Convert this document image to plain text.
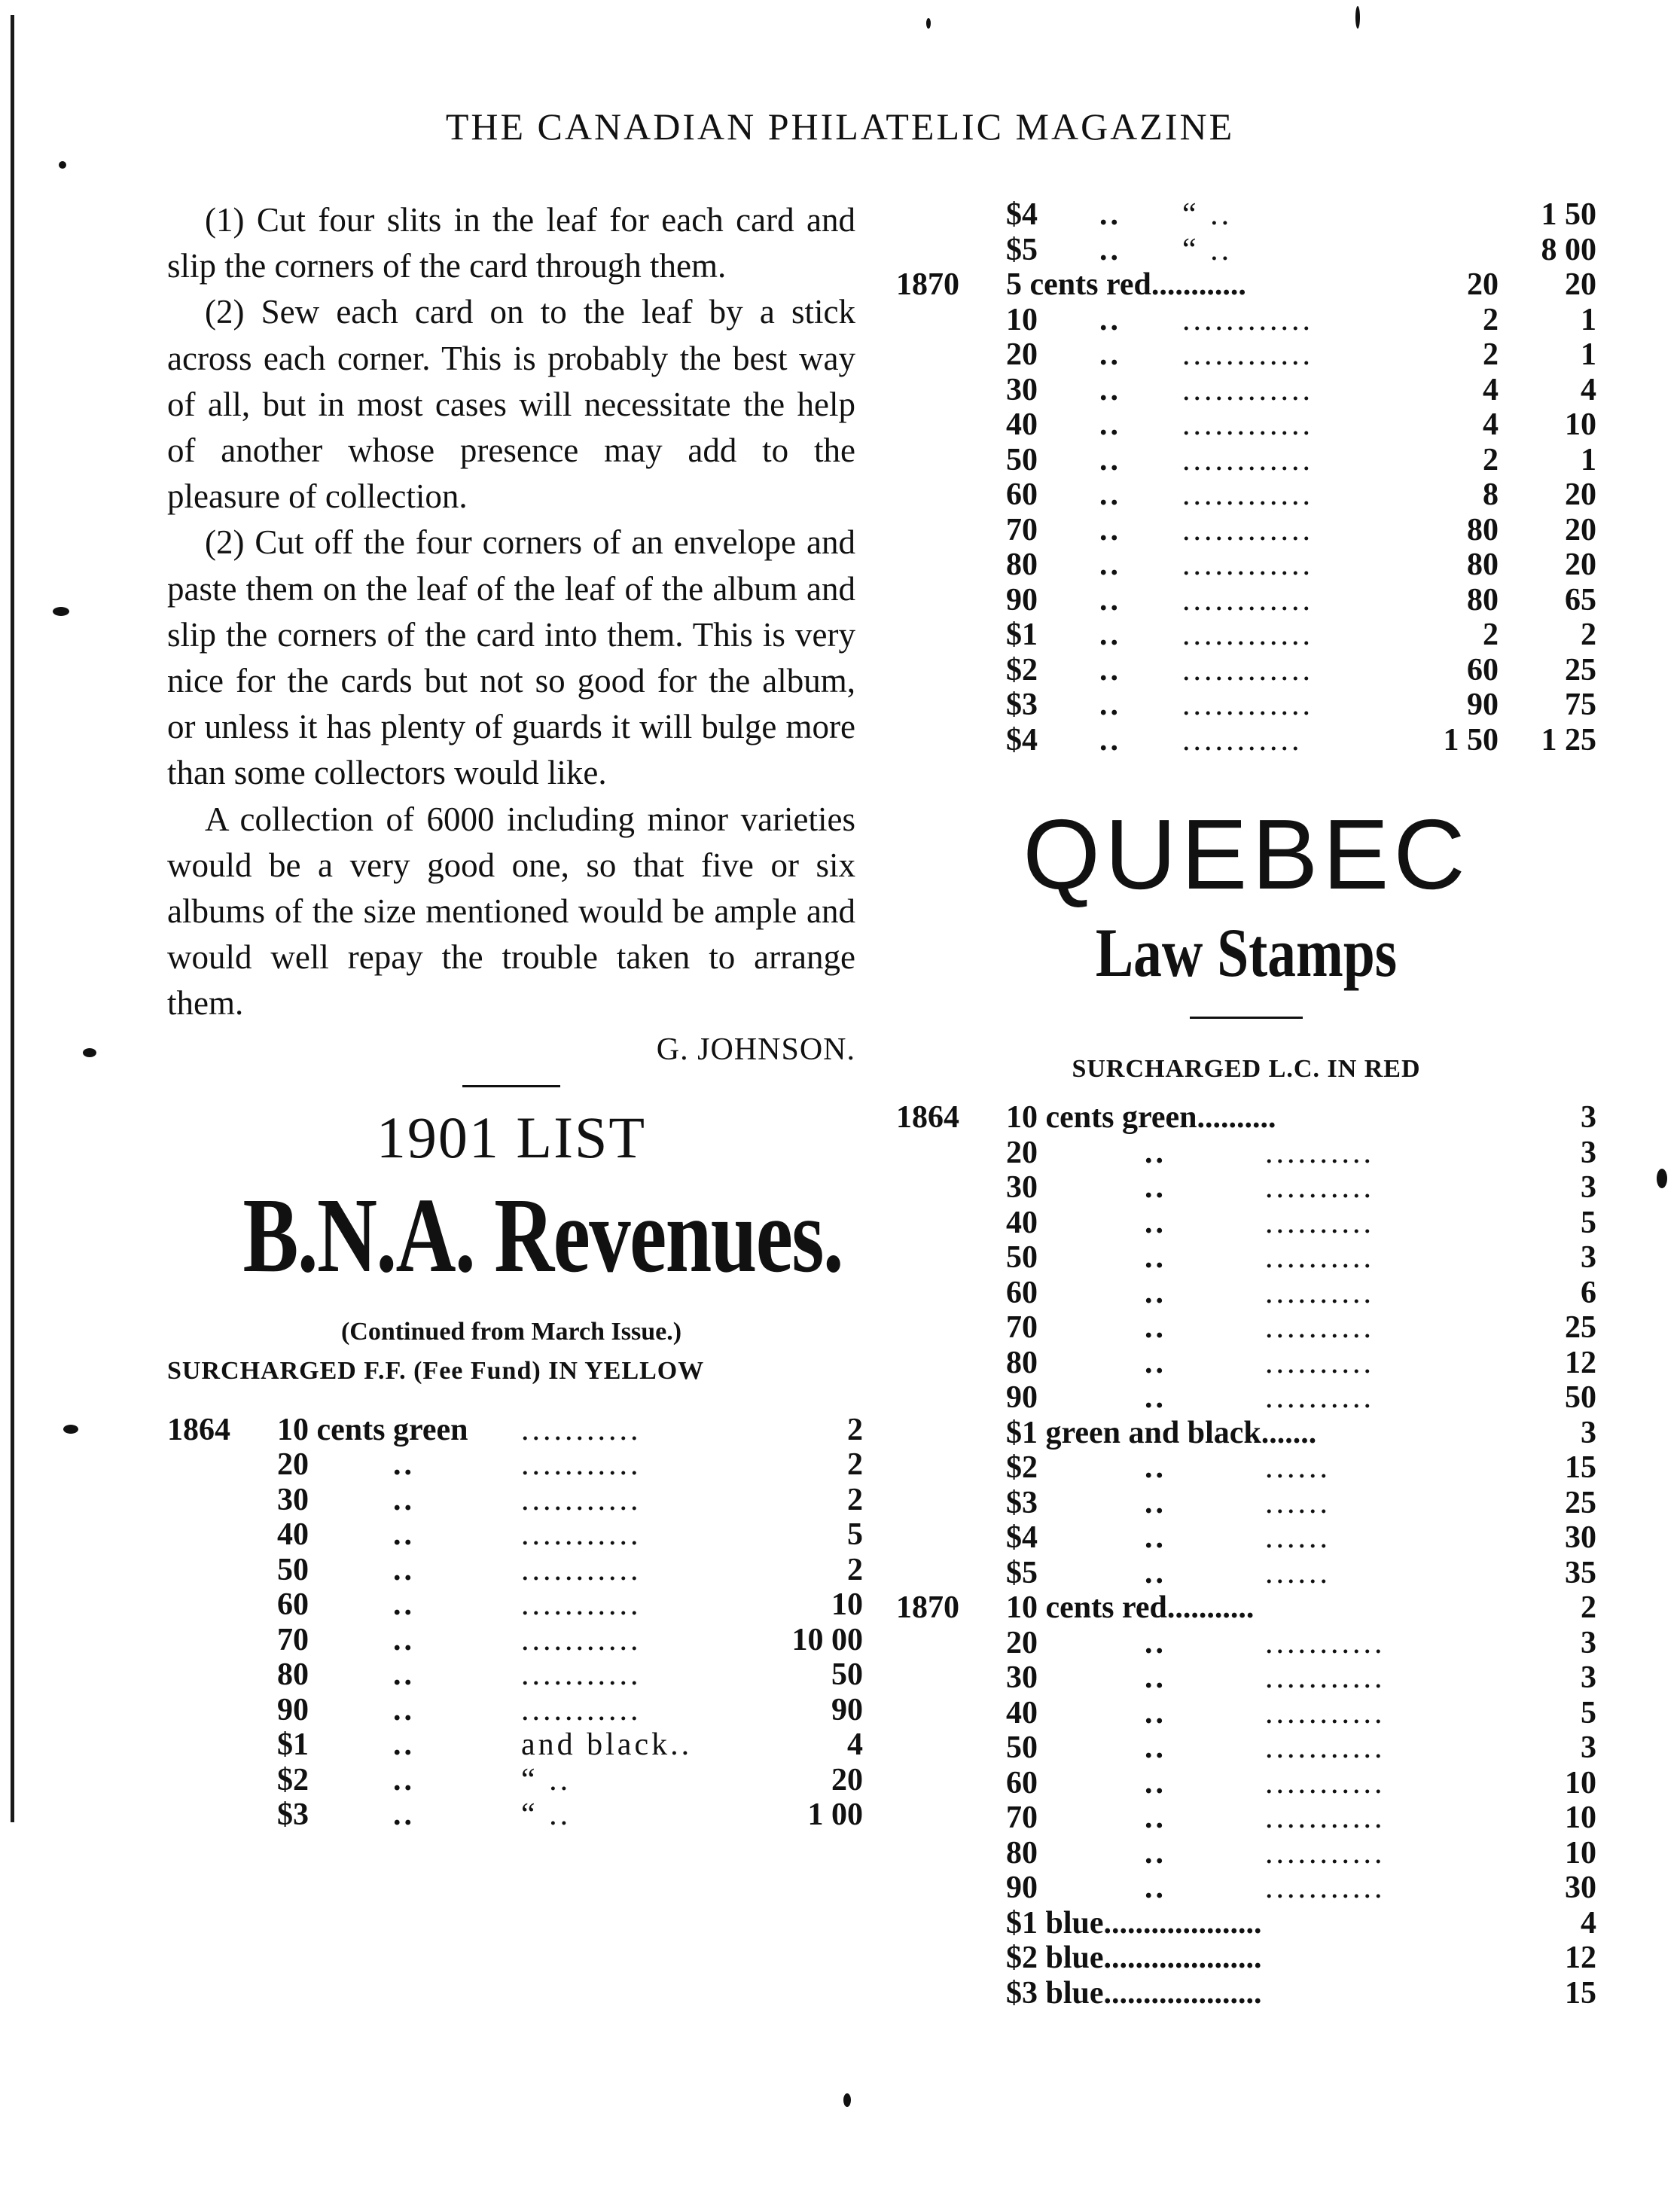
THE CANADIAN PHILATELIC MAGAZINE

(1) Cut four slits in the leaf for each card and slip the corners of the card through them.

(2) Sew each card on to the leaf by a stick across each corner. This is probably the best way of all, but in most cases will necessitate the help of another whose presence may add to the pleasure of collection.

(2) Cut off the four corners of an envelope and paste them on the leaf of the leaf of the album and slip the corners of the card into them. This is very nice for the cards but not so good for the album, or unless it has plenty of guards it will bulge more than some collectors would like.

A collection of 6000 including minor varieties would be a very good one, so that five or six albums of the size mentioned would be ample and would well repay the trouble taken to arrange them.

G. JOHNSON.

1901 LIST
B.N.A. Revenues.
(Continued from March Issue.)
SURCHARGED F.F. (Fee Fund) IN YELLOW
1864 10 cents green ...........	2
20	..	...........	2
30	..	...........	2
40	..	...........	5
50	..	...........	2
60	..	...........	10
70	..	...........	10 00
80	..	...........	50
90	..	...........	90
$1	..	and black..	4
$2	..	“ ..	20
$3	..	“ ..	1 00
$4 .. “ ..	1 50
$5 .. “ ..	8 00
1870 5 cents red............	20	20
10 .. ............	2	1
20 .. ............	2	1
30 .. ............	4	4
40 .. ............	4	10
50 .. ............	2	1
60 .. ............	8	20
70 .. ............	80	20
80 .. ............	80	20
90 .. ............	80	65
$1 .. ............	2	2
$2 .. ............	60	25
$3 .. ............	90	75
$4 .. ...........	1 50	1 25
QUEBEC
Law Stamps
SURCHARGED L.C. IN RED
1864 10 cents green..........	3
20	..	..........	3
30	..	..........	3
40	..	..........	5
50	..	..........	3
60	..	..........	6
70	..	..........	25
80	..	..........	12
90	..	..........	50
$1 green and black.......	3
$2	..	......	15
$3	..	......	25
$4	..	......	30
$5	..	......	35
1870 10 cents red...........	2
20	..	...........	3
30	..	...........	3
40	..	...........	5
50	..	...........	3
60	..	...........	10
70	..	...........	10
80	..	...........	10
90	..	...........	30
$1 blue....................	4
$2 blue....................	12
$3 blue....................	15
